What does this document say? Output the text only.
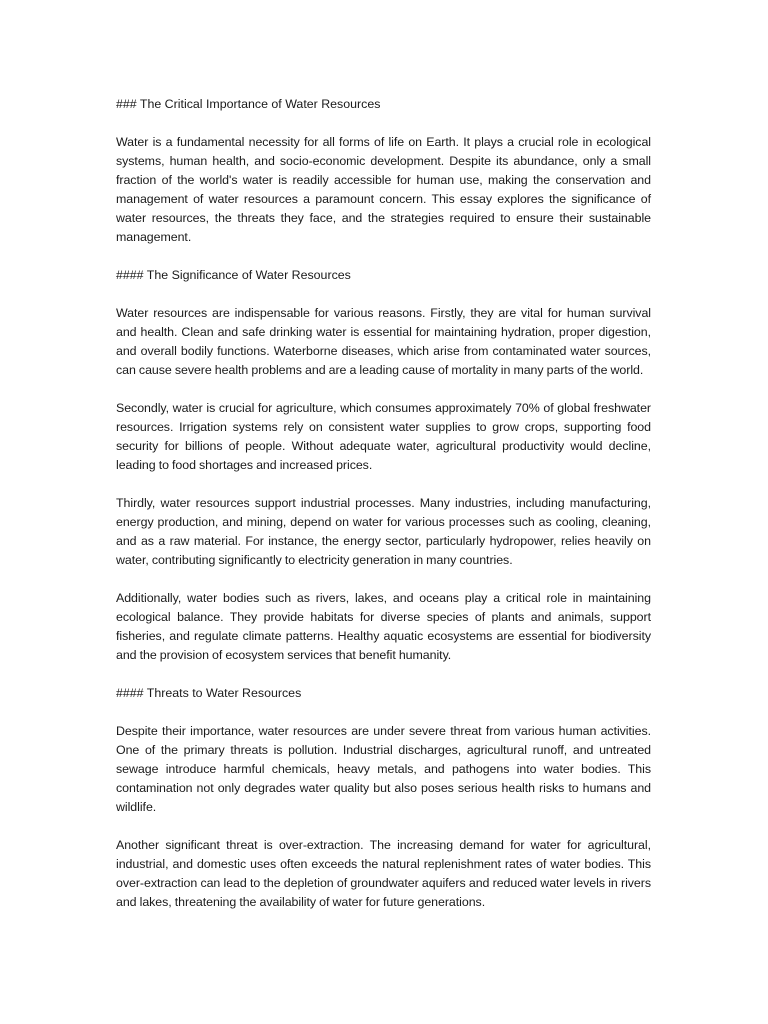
### The Critical Importance of Water Resources

Water is a fundamental necessity for all forms of life on Earth. It plays a crucial role in ecological systems, human health, and socio-economic development. Despite its abundance, only a small fraction of the world's water is readily accessible for human use, making the conservation and management of water resources a paramount concern. This essay explores the significance of water resources, the threats they face, and the strategies required to ensure their sustainable management.

#### The Significance of Water Resources

Water resources are indispensable for various reasons. Firstly, they are vital for human survival and health. Clean and safe drinking water is essential for maintaining hydration, proper digestion, and overall bodily functions. Waterborne diseases, which arise from contaminated water sources, can cause severe health problems and are a leading cause of mortality in many parts of the world.

Secondly, water is crucial for agriculture, which consumes approximately 70% of global freshwater resources. Irrigation systems rely on consistent water supplies to grow crops, supporting food security for billions of people. Without adequate water, agricultural productivity would decline, leading to food shortages and increased prices.

Thirdly, water resources support industrial processes. Many industries, including manufacturing, energy production, and mining, depend on water for various processes such as cooling, cleaning, and as a raw material. For instance, the energy sector, particularly hydropower, relies heavily on water, contributing significantly to electricity generation in many countries.

Additionally, water bodies such as rivers, lakes, and oceans play a critical role in maintaining ecological balance. They provide habitats for diverse species of plants and animals, support fisheries, and regulate climate patterns. Healthy aquatic ecosystems are essential for biodiversity and the provision of ecosystem services that benefit humanity.

#### Threats to Water Resources

Despite their importance, water resources are under severe threat from various human activities. One of the primary threats is pollution. Industrial discharges, agricultural runoff, and untreated sewage introduce harmful chemicals, heavy metals, and pathogens into water bodies. This contamination not only degrades water quality but also poses serious health risks to humans and wildlife.

Another significant threat is over-extraction. The increasing demand for water for agricultural, industrial, and domestic uses often exceeds the natural replenishment rates of water bodies. This over-extraction can lead to the depletion of groundwater aquifers and reduced water levels in rivers and lakes, threatening the availability of water for future generations.
